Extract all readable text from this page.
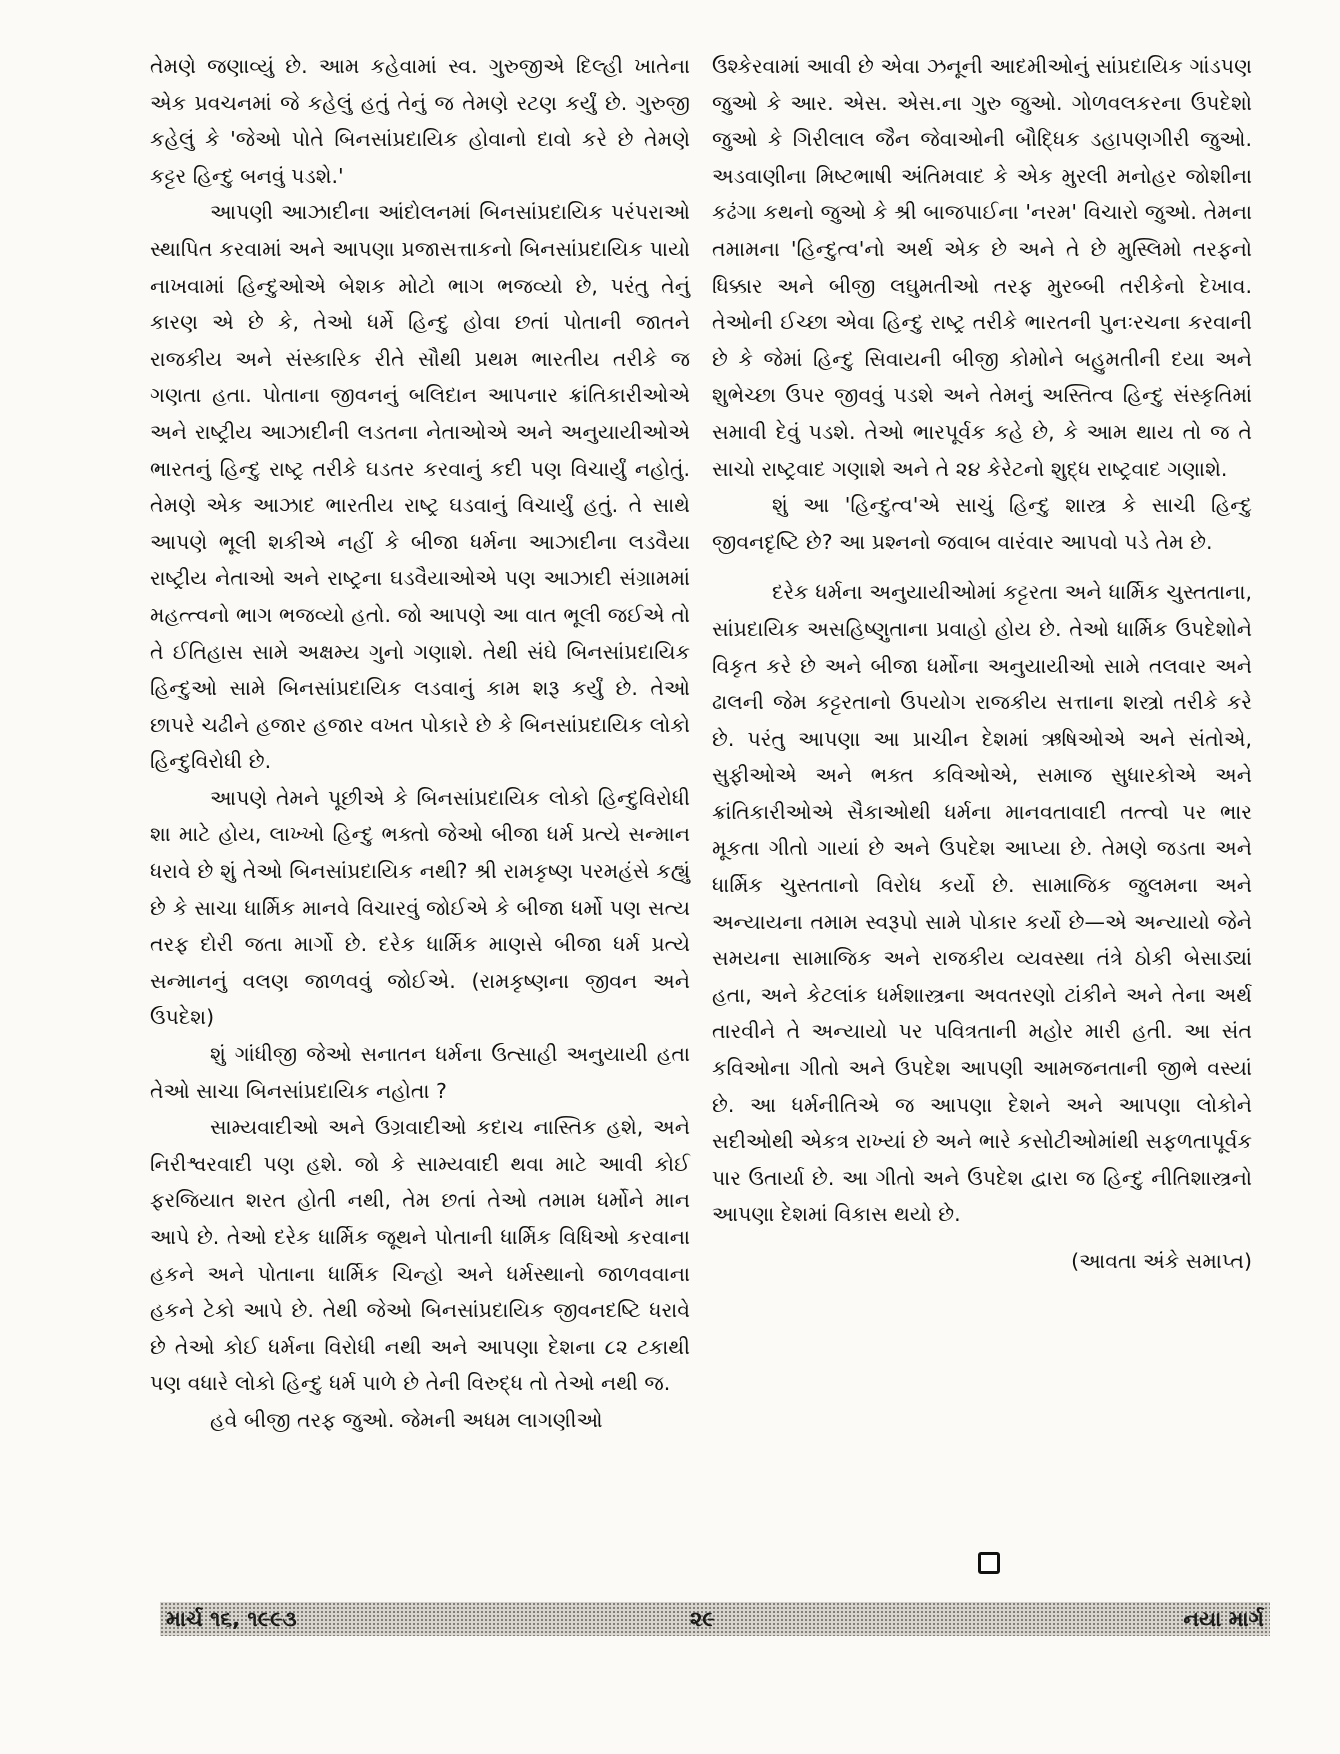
તેમણે જણાવ્યું છે. આમ કહેવામાં સ્વ. ગુરુજીએ દિલ્હી ખાતેના એક પ્રવચનમાં જે કહેલું હતું તેનું જ તેમણે રટણ કર્યું છે. ગુરુજી કહેલું કે 'જેઓ પોતે બિનસાંપ્રદાયિક હોવાનો દાવો કરે છે તેમણે કટ્ટર હિન્દુ બનવું પડશે.'

આપણી આઝાદીના આંદોલનમાં બિનસાંપ્રદાયિક પરંપરાઓ સ્થાપિત કરવામાં અને આપણા પ્રજાસત્તાકનો બિનસાંપ્રદાયિક પાયો નાખવામાં હિન્દુઓએ બેશક મોટો ભાગ ભજવ્યો છે, પરંતુ તેનું કારણ એ છે કે, તેઓ ધર્મે હિન્દુ હોવા છતાં પોતાની જાતને રાજકીય અને સંસ્કારિક રીતે સૌથી પ્રથમ ભારતીય તરીકે જ ગણતા હતા. પોતાના જીવનનું બલિદાન આપનાર ક્રાંતિકારીઓએ અને રાષ્ટ્રીય આઝાદીની લડતના નેતાઓએ અને અનુયાયીઓએ ભારતનું હિન્દુ રાષ્ટ્ર તરીકે ઘડતર કરવાનું કદી પણ વિચાર્યું નહોતું. તેમણે એક આઝાદ ભારતીય રાષ્ટ્ર ઘડવાનું વિચાર્યું હતું. તે સાથે આપણે ભૂલી શકીએ નહીં કે બીજા ધર્મના આઝાદીના લડવૈયા રાષ્ટ્રીય નેતાઓ અને રાષ્ટ્રના ઘડવૈયાઓએ પણ આઝાદી સંગ્રામમાં મહત્ત્વનો ભાગ ભજવ્યો હતો. જો આપણે આ વાત ભૂલી જઈએ તો તે ઈતિહાસ સામે અક્ષમ્ય ગુનો ગણાશે. તેથી સંઘે બિનસાંપ્રદાયિક હિન્દુઓ સામે બિનસાંપ્રદાયિક લડવાનું કામ શરૂ કર્યું છે. તેઓ છાપરે ચઢીને હજાર હજાર વખત પોકારે છે કે બિનસાંપ્રદાયિક લોકો હિન્દુવિરોધી છે.

આપણે તેમને પૂછીએ કે બિનસાંપ્રદાયિક લોકો હિન્દુવિરોધી શા માટે હોય, લાખ્ખો હિન્દુ ભક્તો જેઓ બીજા ધર્મ પ્રત્યે સન્માન ધરાવે છે શું તેઓ બિનસાંપ્રદાયિક નથી? શ્રી રામકૃષ્ણ પરમહંસે કહ્યું છે કે સાચા ધાર્મિક માનવે વિચારવું જોઈએ કે બીજા ધર્મો પણ સત્ય તરફ દોરી જતા માર્ગો છે. દરેક ધાર્મિક માણસે બીજા ધર્મ પ્રત્યે સન્માનનું વલણ જાળવવું જોઈએ. (રામકૃષ્ણના જીવન અને ઉપદેશ)

શું ગાંધીજી જેઓ સનાતન ધર્મના ઉત્સાહી અનુયાયી હતા તેઓ સાચા બિનસાંપ્રદાયિક નહોતા ?

સામ્યવાદીઓ અને ઉગ્રવાદીઓ કદાચ નાસ્તિક હશે, અને નિરીશ્વરવાદી પણ હશે. જો કે સામ્યવાદી થવા માટે આવી કોઈ ફરજિયાત શરત હોતી નથી, તેમ છતાં તેઓ તમામ ધર્મોને માન આપે છે. તેઓ દરેક ધાર્મિક જૂથને પોતાની ધાર્મિક વિધિઓ કરવાના હકને અને પોતાના ધાર્મિક ચિન્હો અને ધર્મસ્થાનો જાળવવાના હકને ટેકો આપે છે. તેથી જેઓ બિનસાંપ્રદાયિક જીવનદષ્ટિ ધરાવે છે તેઓ કોઈ ધર્મના વિરોધી નથી અને આપણા દેશના ૮૨ ટકાથી પણ વધારે લોકો હિન્દુ ધર્મ પાળે છે તેની વિરુદ્ધ તો તેઓ નથી જ.

હવે બીજી તરફ જુઓ. જેમની અધમ લાગણીઓ

ઉશ્કેરવામાં આવી છે એવા ઝનૂની આદમીઓનું સાંપ્રદાયિક ગાંડપણ જુઓ કે આર. એસ. એસ.ના ગુરુ જુઓ. ગોળવલકરના ઉપદેશો જુઓ કે ગિરીલાલ જૈન જેવાઓની બૌદ્ધિક ડહાપણગીરી જુઓ. અડવાણીના મિષ્ટભાષી અંતિમવાદ કે એક મુરલી મનોહર જોશીના કઢંગા કથનો જુઓ કે શ્રી બાજપાઈના 'નરમ' વિચારો જુઓ. તેમના તમામના 'હિન્દુત્વ'નો અર્થ એક છે અને તે છે મુસ્લિમો તરફનો ધિક્કાર અને બીજી લઘુમતીઓ તરફ મુરબ્બી તરીકેનો દેખાવ. તેઓની ઈચ્છા એવા હિન્દુ રાષ્ટ્ર તરીકે ભારતની પુનઃરચના કરવાની છે કે જેમાં હિન્દુ સિવાયની બીજી કોમોને બહુમતીની દયા અને શુભેચ્છા ઉપર જીવવું પડશે અને તેમનું અસ્તિત્વ હિન્દુ સંસ્કૃતિમાં સમાવી દેવું પડશે. તેઓ ભારપૂર્વક કહે છે, કે આમ થાય તો જ તે સાચો રાષ્ટ્રવાદ ગણાશે અને તે ૨૪ કેરેટનો શુદ્ધ રાષ્ટ્રવાદ ગણાશે.

શું આ 'હિન્દુત્વ'એ સાચું હિન્દુ શાસ્ત્ર કે સાચી હિન્દુ જીવનદૃષ્ટિ છે? આ પ્રશ્નનો જવાબ વારંવાર આપવો પડે તેમ છે.

દરેક ધર્મના અનુયાયીઓમાં કટ્ટરતા અને ધાર્મિક ચુસ્તતાના, સાંપ્રદાયિક અસહિષ્ણુતાના પ્રવાહો હોય છે. તેઓ ધાર્મિક ઉપદેશોને વિકૃત કરે છે અને બીજા ધર્મોના અનુયાયીઓ સામે તલવાર અને ઢાલની જેમ કટ્ટરતાનો ઉપયોગ રાજકીય સત્તાના શસ્ત્રો તરીકે કરે છે. પરંતુ આપણા આ પ્રાચીન દેશમાં ઋષિઓએ અને સંતોએ, સુફીઓએ અને ભક્ત કવિઓએ, સમાજ સુધારકોએ અને ક્રાંતિકારીઓએ સૈકાઓથી ધર્મના માનવતાવાદી તત્ત્વો પર ભાર મૂકતા ગીતો ગાયાં છે અને ઉપદેશ આપ્યા છે. તેમણે જડતા અને ધાર્મિક ચુસ્તતાનો વિરોધ કર્યો છે. સામાજિક જુલમના અને અન્યાયના તમામ સ્વરૂપો સામે પોકાર કર્યો છે—એ અન્યાયો જેને સમયના સામાજિક અને રાજકીય વ્યવસ્થા તંત્રે ઠોકી બેસાડ્યાં હતા, અને કેટલાંક ધર્મશાસ્ત્રના અવતરણો ટાંકીને અને તેના અર્થ તારવીને તે અન્યાયો પર પવિત્રતાની મહોર મારી હતી. આ સંત કવિઓના ગીતો અને ઉપદેશ આપણી આમજનતાની જીભે વસ્યાં છે. આ ધર્મનીતિએ જ આપણા દેશને અને આપણા લોકોને સદીઓથી એકત્ર રાખ્યાં છે અને ભારે કસોટીઓમાંથી સફળતાપૂર્વક પાર ઉતાર્યા છે. આ ગીતો અને ઉપદેશ દ્વારા જ હિન્દુ નીતિશાસ્ત્રનો આપણા દેશમાં વિકાસ થયો છે.

(આવતા અંકે સમાપ્ત)

માર્ચ ૧૬, ૧૯૯૩	૨૯	નયા માર્ગ
